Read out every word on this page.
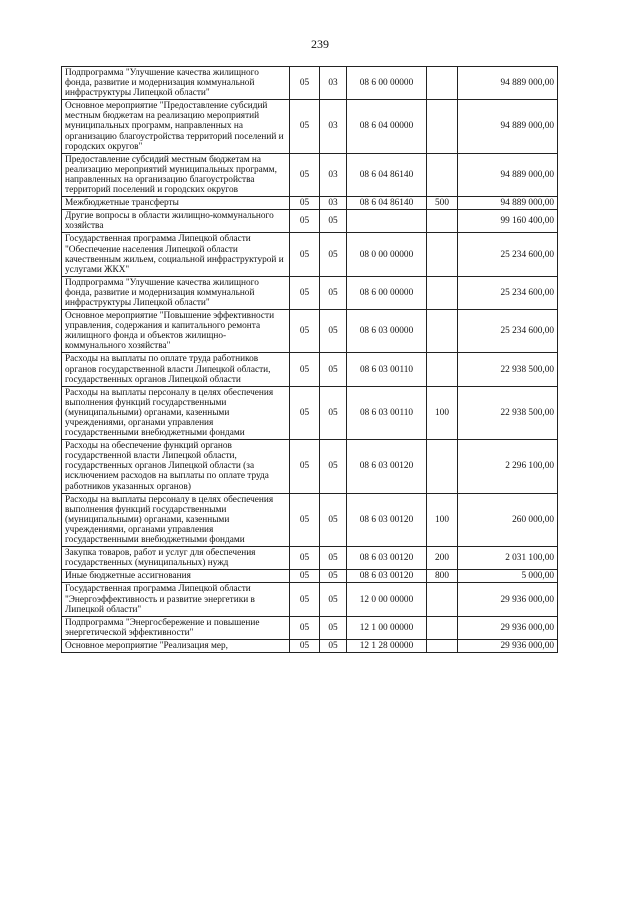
239
Подпрограмма "Улучшение качества жилищного фонда, развитие и модернизация коммунальной инфраструктуры Липецкой области"	05	03	08 6 00 00000		94 889 000,00
Основное мероприятие "Предоставление субсидий местным бюджетам на реализацию мероприятий муниципальных программ, направленных на организацию благоустройства территорий поселений и городских округов"	05	03	08 6 04 00000		94 889 000,00
Предоставление субсидий местным бюджетам на реализацию мероприятий муниципальных программ, направленных на организацию благоустройства территорий поселений и городских округов	05	03	08 6 04 86140		94 889 000,00
Межбюджетные трансферты	05	03	08 6 04 86140	500	94 889 000,00
Другие вопросы в области жилищно-коммунального хозяйства	05	05			99 160 400,00
Государственная программа Липецкой области "Обеспечение населения Липецкой области качественным жильем, социальной инфраструктурой и услугами ЖКХ"	05	05	08 0 00 00000		25 234 600,00
Подпрограмма "Улучшение качества жилищного фонда, развитие и модернизация коммунальной инфраструктуры Липецкой области"	05	05	08 6 00 00000		25 234 600,00
Основное мероприятие "Повышение эффективности управления, содержания и капитального ремонта жилищного фонда и объектов жилищно-коммунального хозяйства"	05	05	08 6 03 00000		25 234 600,00
Расходы на выплаты по оплате труда работников органов государственной власти Липецкой области, государственных органов Липецкой области	05	05	08 6 03 00110		22 938 500,00
Расходы на выплаты персоналу в целях обеспечения выполнения функций государственными (муниципальными) органами, казенными учреждениями, органами управления государственными внебюджетными фондами	05	05	08 6 03 00110	100	22 938 500,00
Расходы на обеспечение функций органов государственной власти Липецкой области, государственных органов Липецкой области (за исключением расходов на выплаты по оплате труда работников указанных органов)	05	05	08 6 03 00120		2 296 100,00
Расходы на выплаты персоналу в целях обеспечения выполнения функций государственными (муниципальными) органами, казенными учреждениями, органами управления государственными внебюджетными фондами	05	05	08 6 03 00120	100	260 000,00
Закупка товаров, работ и услуг для обеспечения государственных (муниципальных) нужд	05	05	08 6 03 00120	200	2 031 100,00
Иные бюджетные ассигнования	05	05	08 6 03 00120	800	5 000,00
Государственная программа Липецкой области "Энергоэффективность и развитие энергетики в Липецкой области"	05	05	12 0 00 00000		29 936 000,00
Подпрограмма "Энергосбережение и повышение энергетической эффективности"	05	05	12 1 00 00000		29 936 000,00
Основное мероприятие "Реализация мер,	05	05	12 1 28 00000		29 936 000,00
